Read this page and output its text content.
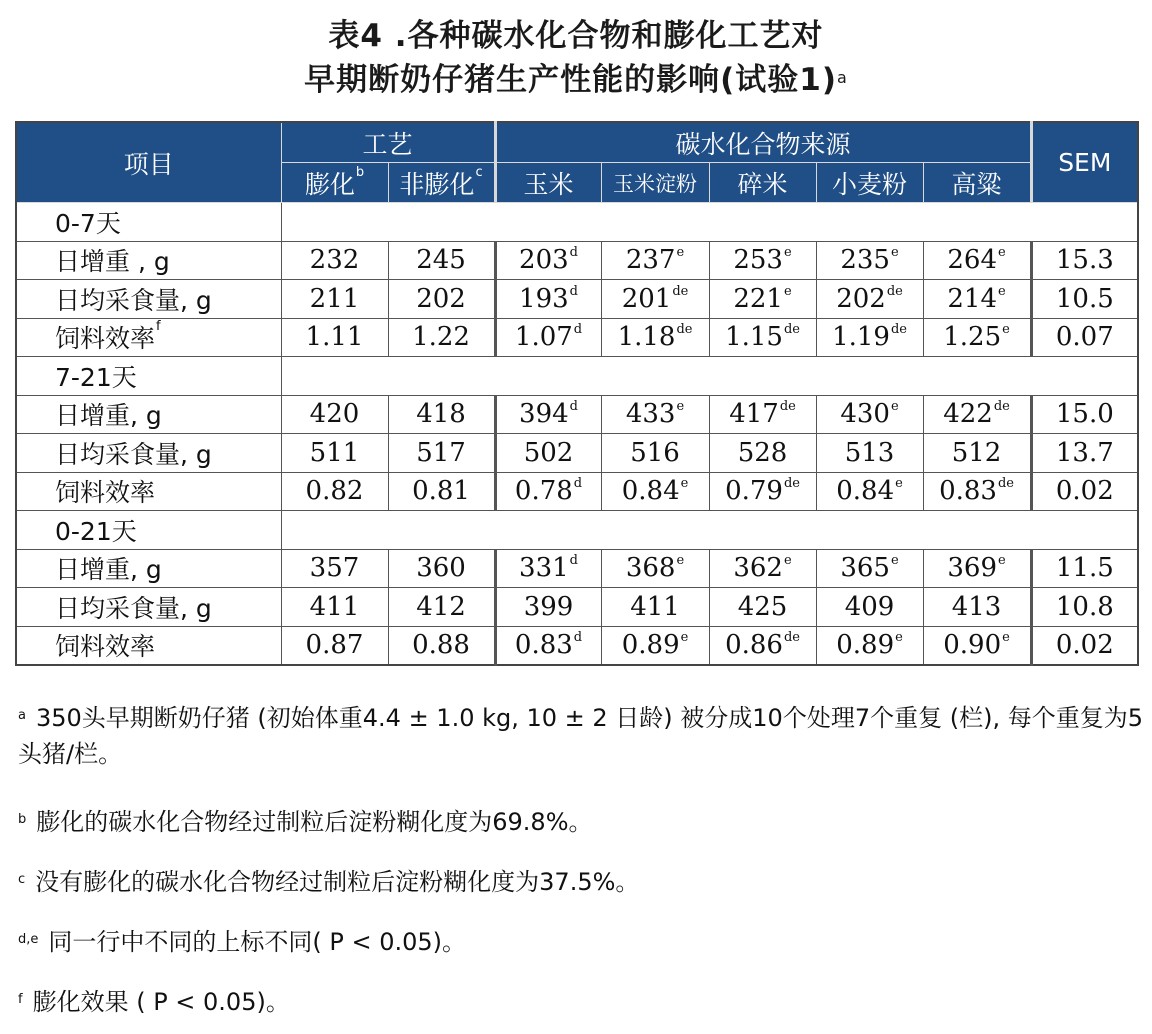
表4 .各种碳水化合物和膨化工艺对
早期断奶仔猪生产性能的影响(试验1)$^a$
项目	工艺		碳水化合物来源					SEM
	膨化$^b$	非膨化$^c$	玉米	玉米淀粉	碎米	小麦粉	高粱	
0-7天								
日增重 , g	232	245	203$^d$	237e	253e	235e	264e	15.3
日均采食量, g	211	202	193$^d$	201de	221e	202de	214e	10.5
饲料效率$^f$	1.11	1.22	1.07$^d$	1.18de	1.15de	1.19de	1.25e	0.07
7-21天								
日增重, g	420	418	394$^d$	433e	417de	430e	422de	15.0
日均采食量, g	511	517	502	516	528	513	512	13.7
饲料效率	0.82	0.81	0.78$^d$	0.84e	0.79de	0.84e	0.83de	0.02
0-21天								
日增重, g	357	360	331$^d$	368e	362e	365e	369e	11.5
日均采食量, g	411	412	399	411	425	409	413	10.8
饲料效率	0.87	0.88	0.83$^d$	0.89e	0.86de	0.89e	0.90e	0.02

$^a$ 350头早期断奶仔猪 (初始体重4.4 ± 1.0 kg, 10 ± 2 日龄) 被分成10个处理7个重复 (栏), 每个重复为5头猪/栏。

$^b$ 膨化的碳水化合物经过制粒后淀粉糊化度为69.8%。

$^c$ 没有膨化的碳水化合物经过制粒后淀粉糊化度为37.5%。

$^{d,e}$ 同一行中不同的上标不同( P < 0.05)。

$^f$ 膨化效果 ( P < 0.05)。
